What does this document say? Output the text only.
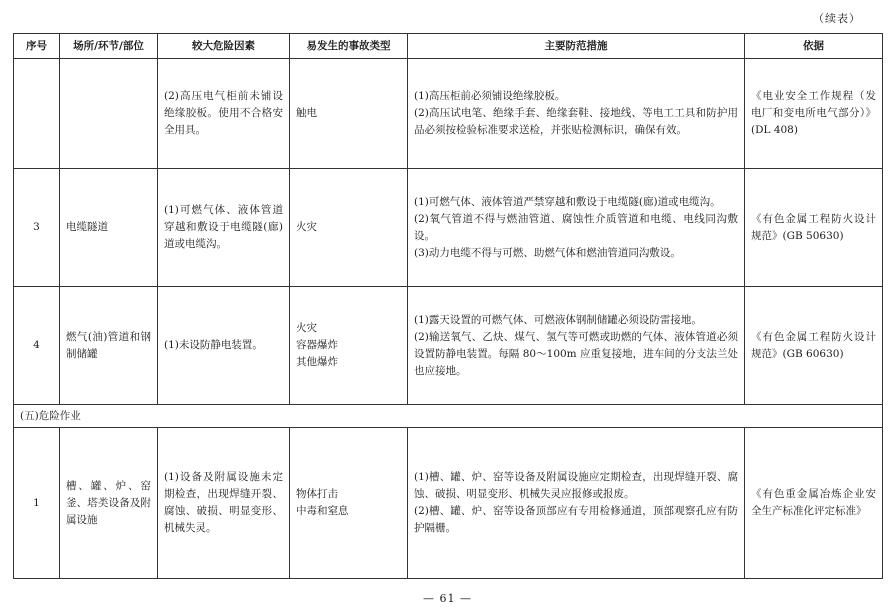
（续表）
序号	场所/环节/部位	较大危险因素	易发生的事故类型	主要防范措施	依据
		(2)高压电气柜前未铺设绝缘胶板。使用不合格安全用具。	触电	(1)高压柜前必须铺设绝缘胶板。
(2)高压试电笔、绝缘手套、绝缘套鞋、接地线、等电工工具和防护用品必须按检验标准要求送检，并张贴检测标识，确保有效。	《电业安全工作规程（发电厂和变电所电气部分）》(DL 408)
3	电缆隧道	(1)可燃气体、液体管道穿越和敷设于电缆隧(廊)道或电缆沟。	火灾	(1)可燃气体、液体管道严禁穿越和敷设于电缆隧(廊)道或电缆沟。
(2)氧气管道不得与燃油管道、腐蚀性介质管道和电缆、电线同沟敷设。
(3)动力电缆不得与可燃、助燃气体和燃油管道同沟敷设。	《有色金属工程防火设计规范》(GB 50630)
4	燃气(油)管道和钢制储罐	(1)未设防静电装置。	火灾
容器爆炸
其他爆炸	(1)露天设置的可燃气体、可燃液体钢制储罐必须设防雷接地。
(2)输送氧气、乙炔、煤气、氢气等可燃或助燃的气体、液体管道必须设置防静电装置。每隔 80～100m 应重复接地，进车间的分支法兰处也应接地。	《有色金属工程防火设计规范》(GB 60630)
(五)危险作业					
1	槽、罐、炉、窑釜、塔类设备及附属设施	(1)设备及附属设施未定期检查，出现焊缝开裂、腐蚀、破损、明显变形、机械失灵。	物体打击
中毒和窒息	(1)槽、罐、炉、窑等设备及附属设施应定期检查，出现焊缝开裂、腐蚀、破损、明显变形、机械失灵应报修或报废。
(2)槽、罐、炉、窑等设备顶部应有专用检修通道，顶部观察孔应有防护隔栅。	《有色重金属冶炼企业安全生产标准化评定标准》
— 61 —
